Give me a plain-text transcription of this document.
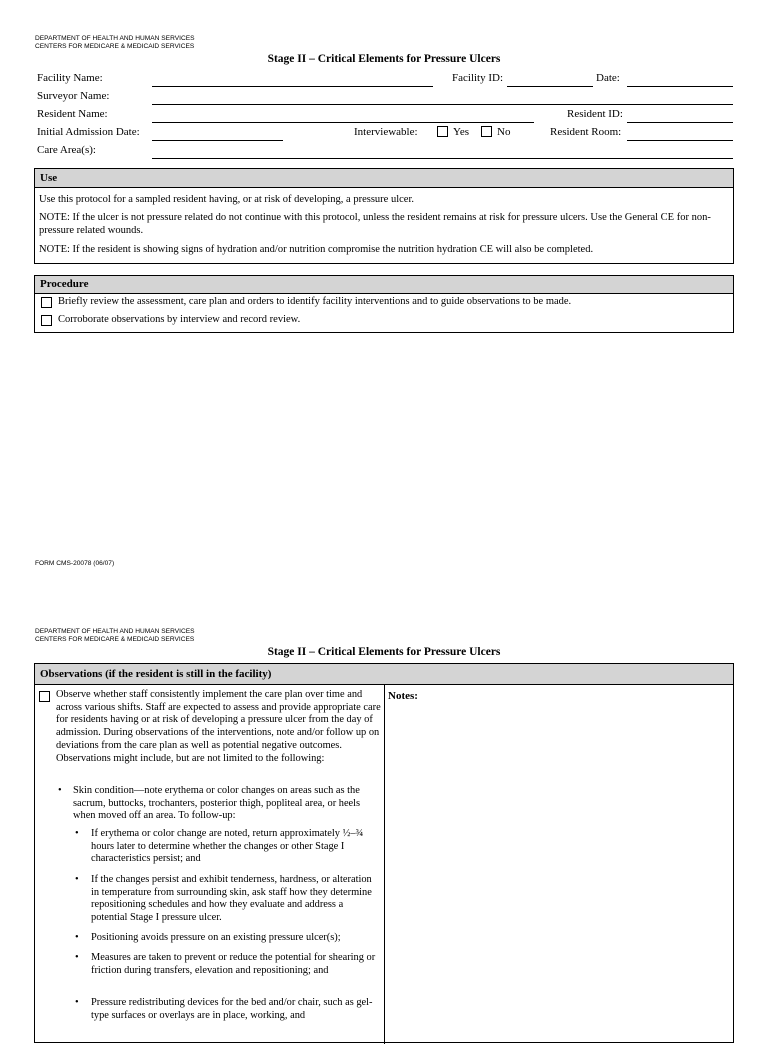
DEPARTMENT OF HEALTH AND HUMAN SERVICES
CENTERS FOR MEDICARE & MEDICAID SERVICES
Stage II – Critical Elements for Pressure Ulcers
Facility Name:	Facility ID:	Date:
Surveyor Name:
Resident Name:	Resident ID:
Initial Admission Date:	Interviewable:	Yes	No	Resident Room:
Care Area(s):
Use
Use this protocol for a sampled resident having, or at risk of developing, a pressure ulcer.
NOTE: If the ulcer is not pressure related do not continue with this protocol, unless the resident remains at risk for pressure ulcers. Use the General CE for non-pressure related wounds.
NOTE: If the resident is showing signs of hydration and/or nutrition compromise the nutrition hydration CE will also be completed.
Procedure
Briefly review the assessment, care plan and orders to identify facility interventions and to guide observations to be made.
Corroborate observations by interview and record review.
FORM CMS-20078 (06/07)
DEPARTMENT OF HEALTH AND HUMAN SERVICES
CENTERS FOR MEDICARE & MEDICAID SERVICES
Stage II – Critical Elements for Pressure Ulcers
Observations (if the resident is still in the facility)
Notes:
Observe whether staff consistently implement the care plan over time and across various shifts. Staff are expected to assess and provide appropriate care for residents having or at risk of developing a pressure ulcer from the day of admission. During observations of the interventions, note and/or follow up on deviations from the care plan as well as potential negative outcomes. Observations might include, but are not limited to the following:
• Skin condition—note erythema or color changes on areas such as the sacrum, buttocks, trochanters, posterior thigh, popliteal area, or heels when moved off an area. To follow-up:
• If erythema or color change are noted, return approximately ½–¾ hours later to determine whether the changes or other Stage I characteristics persist; and
• If the changes persist and exhibit tenderness, hardness, or alteration in temperature from surrounding skin, ask staff how they determine repositioning schedules and how they evaluate and address a potential Stage I pressure ulcer.
• Positioning avoids pressure on an existing pressure ulcer(s);
• Measures are taken to prevent or reduce the potential for shearing or friction during transfers, elevation and repositioning; and
• Pressure redistributing devices for the bed and/or chair, such as gel-type surfaces or overlays are in place, working, and
